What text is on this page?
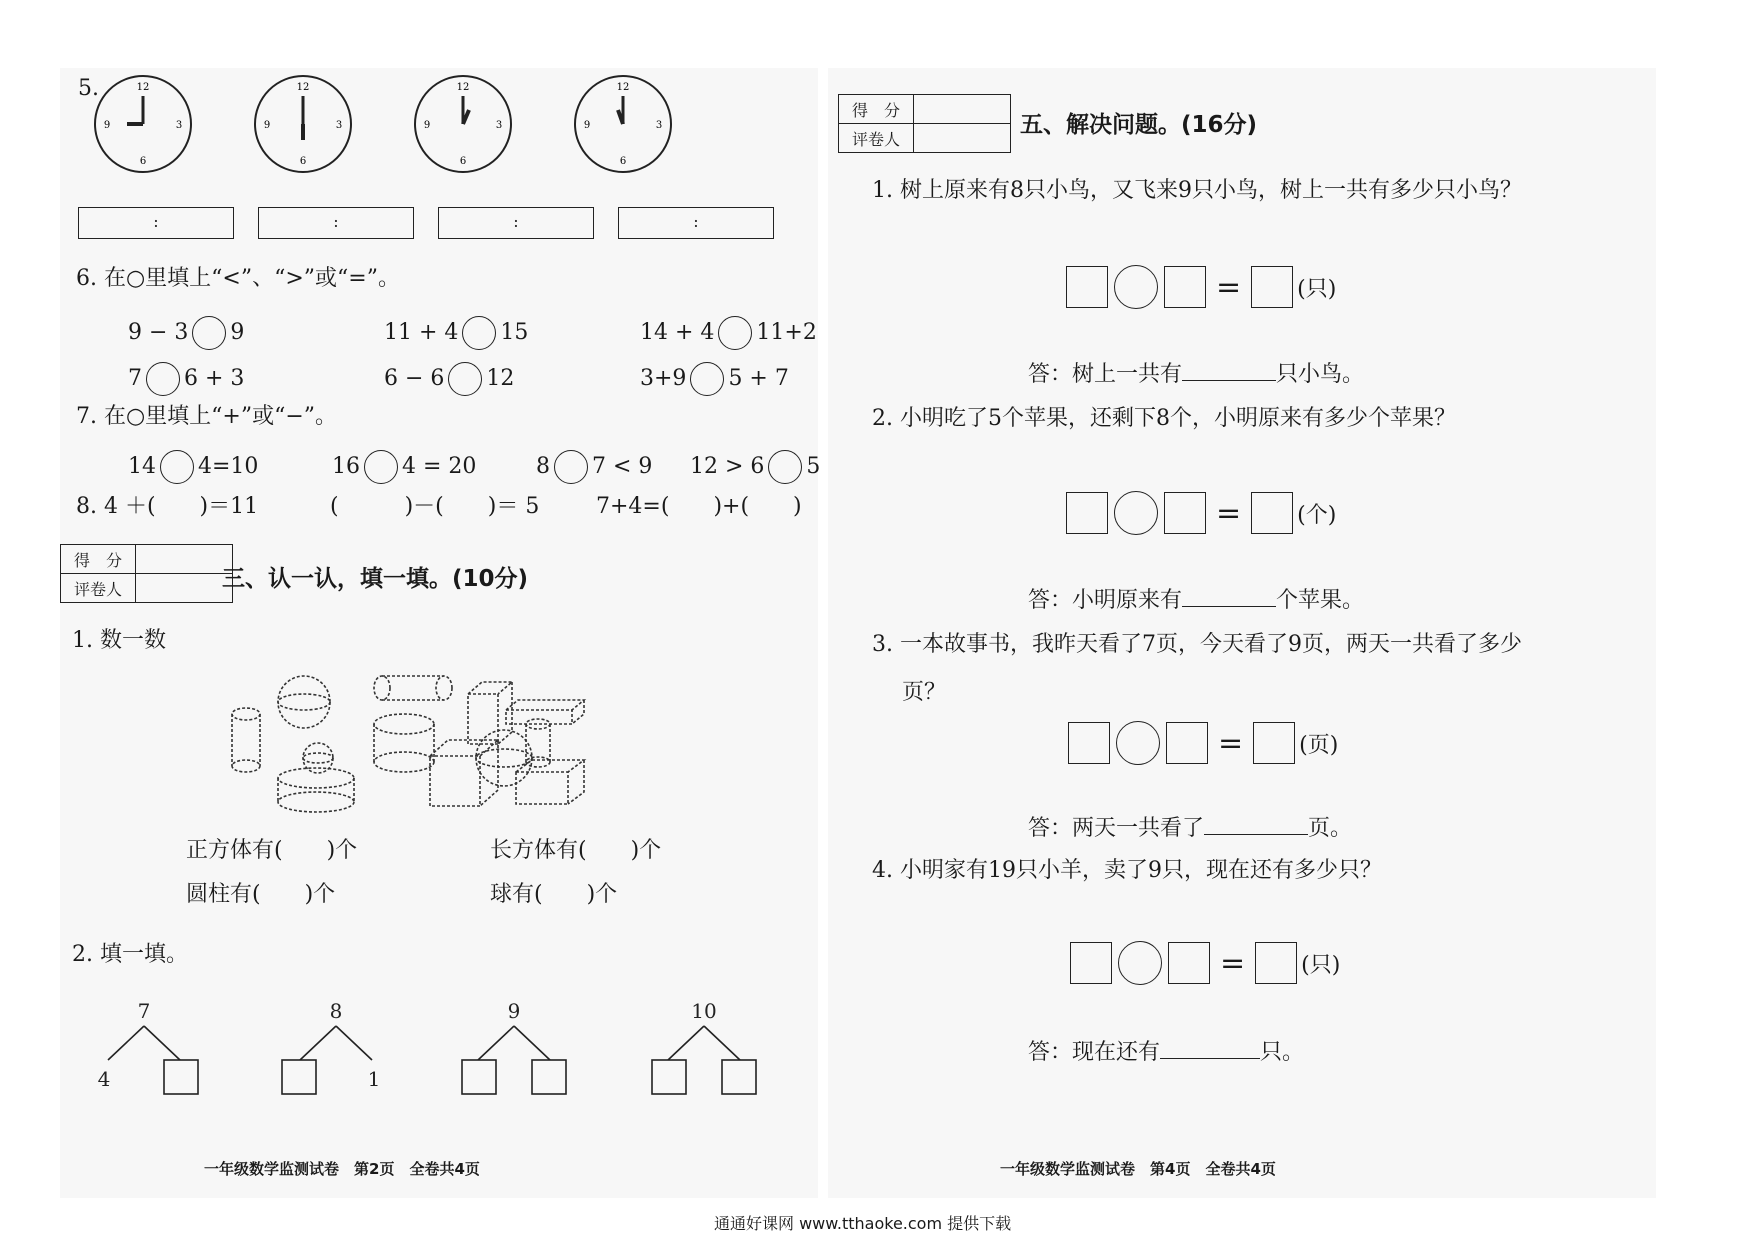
5.	12
3
6
9
12
3
6
9
12
3
6
9
12
3
6
9
:	:	:	:
6. 在○里填上“<”、“>”或“=”。
9 − 3 9	11 + 4 15	14 + 4 11+2
7 6 + 3	6 − 6 12	3+9 5 + 7
7. 在○里填上“+”或“−”。
14 4=10	16 4 = 20	8 7 < 9 12 > 6 5
8. 4 ＋(　　)＝11	(　　　)－(　　)＝ 5	7+4=(　　)+(　　)
得　分	
评卷人		三、认一认，填一填。(10分)
1. 数一数
正方体有(　　)个	长方体有(　　)个
圆柱有(　　)个	球有(　　)个
2. 填一填。
7
4
8
1
9	10
一年级数学监测试卷　第2页　全卷共4页
得　分	
评卷人	
五、解决问题。(16分)
1. 树上原来有8只小鸟，又飞来9只小鸟，树上一共有多少只小鸟？
=	(只)
答：树上一共有	只小鸟。
2. 小明吃了5个苹果，还剩下8个，小明原来有多少个苹果？
=	(个)
答：小明原来有	个苹果。
3. 一本故事书，我昨天看了7页，今天看了9页，两天一共看了多少
页？
=	(页)
答：两天一共看了	页。
4. 小明家有19只小羊，卖了9只，现在还有多少只？
=	(只)
答：现在还有	只。
一年级数学监测试卷　第4页　全卷共4页
通通好课网 www.tthaoke.com 提供下载
